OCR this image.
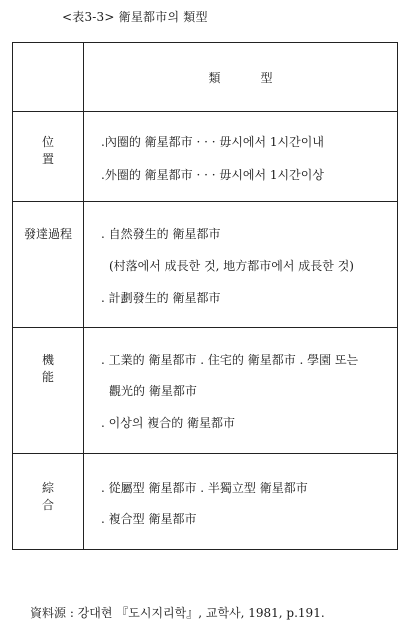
<表3-3> 衛星都市의 類型
類型
位 置
.內圈的 衛星都市 · · · 毋시에서 1시간이내
.外圈的 衛星都市 · · · 毋시에서 1시간이상
發達過程	. 自然發生的 衛星都市
(村落에서 成長한 것, 地方都市에서 成長한 것)
. 計劃發生的 衛星都市
機 能
. 工業的 衛星都市 . 住宅的 衛星都市 . 學園 또는
觀光的 衛星都市
. 이상의 複合的 衛星都市
綜 合
. 從屬型 衛星都市 . 半獨立型 衛星都市
. 複合型 衛星都市
資料源 : 강대현 『도시지리학』, 교학사, 1981, p.191.
